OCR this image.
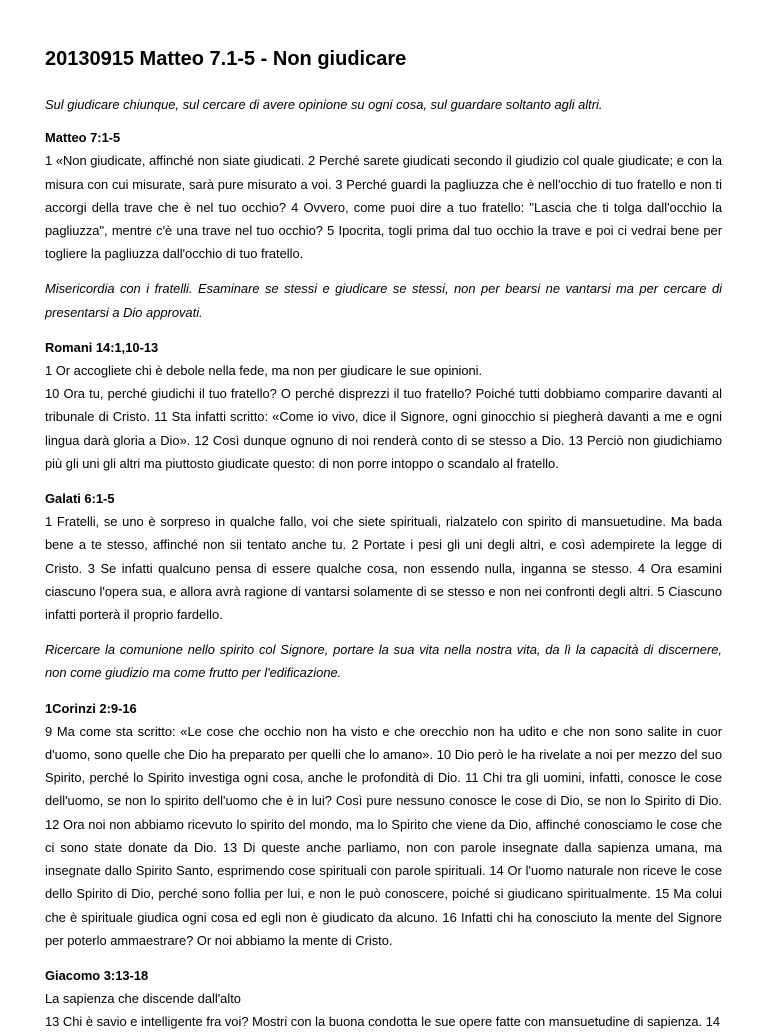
20130915 Matteo 7.1-5 - Non giudicare

Sul giudicare chiunque, sul cercare di avere opinione su ogni cosa, sul guardare soltanto agli altri.

Matteo 7:1-5
1 «Non giudicate, affinché non siate giudicati. 2 Perché sarete giudicati secondo il giudizio col quale giudicate; e con la misura con cui misurate, sarà pure misurato a voi. 3 Perché guardi la pagliuzza che è nell'occhio di tuo fratello e non ti accorgi della trave che è nel tuo occhio? 4 Ovvero, come puoi dire a tuo fratello: "Lascia che ti tolga dall'occhio la pagliuzza", mentre c'è una trave nel tuo occhio? 5 Ipocrita, togli prima dal tuo occhio la trave e poi ci vedrai bene per togliere la pagliuzza dall'occhio di tuo fratello.

Misericordia con i fratelli. Esaminare se stessi e giudicare se stessi, non per bearsi ne vantarsi ma per cercare di presentarsi a Dio approvati.

Romani 14:1,10-13
1 Or accogliete chi è debole nella fede, ma non per giudicare le sue opinioni.
10 Ora tu, perché giudichi il tuo fratello? O perché disprezzi il tuo fratello? Poiché tutti dobbiamo comparire davanti al tribunale di Cristo. 11 Sta infatti scritto: «Come io vivo, dice il Signore, ogni ginocchio si piegherà davanti a me e ogni lingua darà gloria a Dio». 12 Così dunque ognuno di noi renderà conto di se stesso a Dio. 13 Perciò non giudichiamo più gli uni gli altri ma piuttosto giudicate questo: di non porre intoppo o scandalo al fratello.

Galati 6:1-5
1 Fratelli, se uno è sorpreso in qualche fallo, voi che siete spirituali, rialzatelo con spirito di mansuetudine. Ma bada bene a te stesso, affinché non sii tentato anche tu. 2 Portate i pesi gli uni degli altri, e così adempirete la legge di Cristo. 3 Se infatti qualcuno pensa di essere qualche cosa, non essendo nulla, inganna se stesso. 4 Ora esamini ciascuno l'opera sua, e allora avrà ragione di vantarsi solamente di se stesso e non nei confronti degli altri. 5 Ciascuno infatti porterà il proprio fardello.

Ricercare la comunione nello spirito col Signore, portare la sua vita nella nostra vita, da lì la capacità di discernere, non come giudizio ma come frutto per l'edificazione.

1Corinzi 2:9-16
9 Ma come sta scritto: «Le cose che occhio non ha visto e che orecchio non ha udito e che non sono salite in cuor d'uomo, sono quelle che Dio ha preparato per quelli che lo amano». 10 Dio però le ha rivelate a noi per mezzo del suo Spirito, perché lo Spirito investiga ogni cosa, anche le profondità di Dio. 11 Chi tra gli uomini, infatti, conosce le cose dell'uomo, se non lo spirito dell'uomo che è in lui? Così pure nessuno conosce le cose di Dio, se non lo Spirito di Dio. 12 Ora noi non abbiamo ricevuto lo spirito del mondo, ma lo Spirito che viene da Dio, affinché conosciamo le cose che ci sono state donate da Dio. 13 Di queste anche parliamo, non con parole insegnate dalla sapienza umana, ma insegnate dallo Spirito Santo, esprimendo cose spirituali con parole spirituali. 14 Or l'uomo naturale non riceve le cose dello Spirito di Dio, perché sono follia per lui, e non le può conoscere, poiché si giudicano spiritualmente. 15 Ma colui che è spirituale giudica ogni cosa ed egli non è giudicato da alcuno. 16 Infatti chi ha conosciuto la mente del Signore per poterlo ammaestrare? Or noi abbiamo la mente di Cristo.

Giacomo 3:13-18
La sapienza che discende dall'alto
13 Chi è savio e intelligente fra voi? Mostri con la buona condotta le sue opere fatte con mansuetudine di sapienza. 14
